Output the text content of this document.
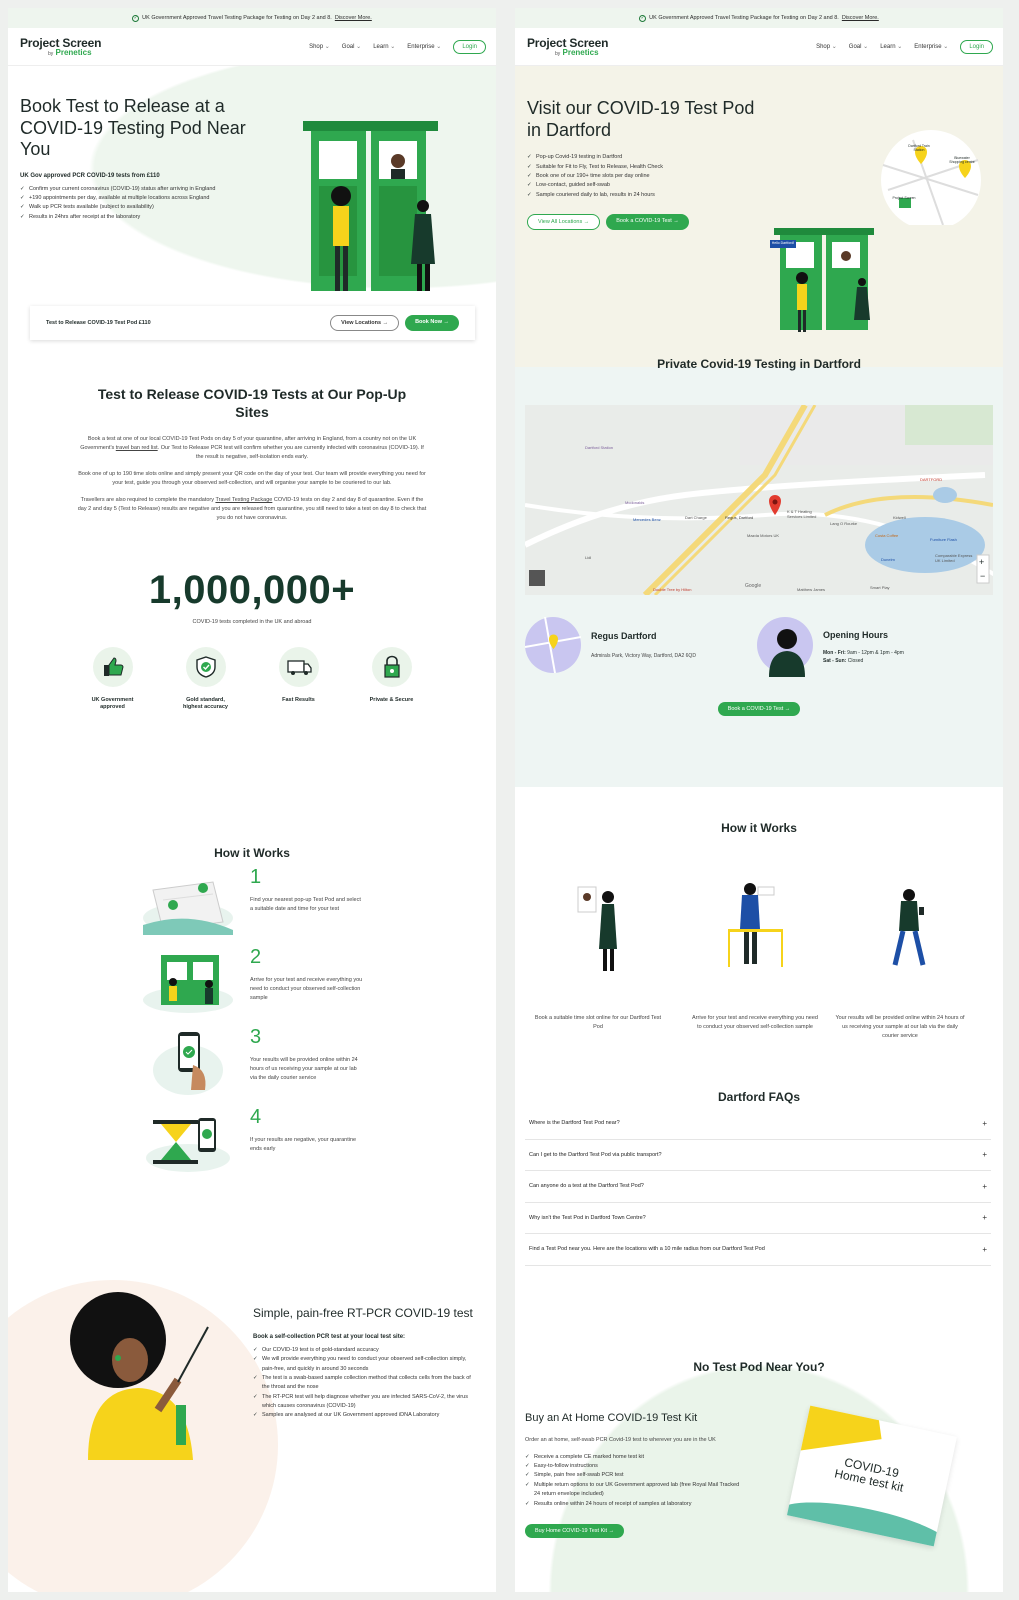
✓ UK Government Approved Travel Testing Package for Testing on Day 2 and 8. Discover More.
Project Screen
by Prenetics
Shop ⌄	Goal ⌄	Learn ⌄	Enterprise ⌄	Login
Book Test to Release at a COVID-19 Testing Pod Near You
UK Gov approved PCR COVID-19 tests from £110
✓ Confirm your current coronavirus (COVID-19) status after arriving in England
✓ +190 appointments per day, available at multiple locations across England
✓ Walk up PCR tests available (subject to availability)
✓ Results in 24hrs after receipt at the laboratory
Test to Release COVID-19 Test Pod £110	View Locations →	Book Now →
Test to Release COVID-19 Tests at Our Pop-Up Sites

Book a test at one of our local COVID-19 Test Pods on day 5 of your quarantine, after arriving in England, from a country not on the UK Government's travel ban red list. Our Test to Release PCR test will confirm whether you are currently infected with coronavirus (COVID-19). If the result is negative, self-isolation ends early.

Book one of up to 190 time slots online and simply present your QR code on the day of your test. Our team will provide everything you need for your test, guide you through your observed self-collection, and will organise your sample to be couriered to our lab.

Travellers are also required to complete the mandatory Travel Testing Package COVID-19 tests on day 2 and day 8 of quarantine. Even if the day 2 and day 5 (Test to Release) results are negative and you are released from quarantine, you still need to take a test on day 8 to check that you do not have coronavirus.

1,000,000+
COVID-19 tests completed in the UK and abroad
UK Government approved
Gold standard, highest accuracy
Fast Results	Private & Secure
How it Works
1
Find your nearest pop-up Test Pod and select a suitable date and time for your test
2
Arrive for your test and receive everything you need to conduct your observed self-collection sample
3
Your results will be provided online within 24 hours of us receiving your sample at our lab via the daily courier service
4
If your results are negative, your quarantine ends early
Simple, pain-free RT-PCR COVID-19 test
Book a self-collection PCR test at your local test site:
✓ Our COVID-19 test is of gold-standard accuracy
✓ We will provide everything you need to conduct your observed self-collection simply, pain-free, and quickly in around 30 seconds
✓ The test is a swab-based sample collection method that collects cells from the back of the throat and the nose
✓ The RT-PCR test will help diagnose whether you are infected SARS-CoV-2, the virus which causes coronavirus (COVID-19)
✓ Samples are analysed at our UK Government approved iDNA Laboratory
✓ UK Government Approved Travel Testing Package for Testing on Day 2 and 8. Discover More.
Project Screen
by Prenetics
Shop ⌄	Goal ⌄	Learn ⌄	Enterprise ⌄	Login
Visit our COVID-19 Test Pod in Dartford
✓ Pop-up Covid-19 testing in Dartford
✓ Suitable for Fit to Fly, Test to Release, Health Check
✓ Book one of our 190+ time slots per day online
✓ Low-contact, guided self-swab
✓ Sample couriered daily to lab, results in 24 hours
View All Locations →	Book a COVID-19 Test →
Dartford Train Station
Bluewater Shopping centre
Project Screen
Hello Dartford!
Private Covid-19 Testing in Dartford
Dartford Station
Mcdonalds
Mercedes Benz
Lidl
DARTFORD
Costa Coffee
Mazda Motors UK
Dart Charge	Regus, Dartford
Dunelm
Google
K & T Heating Services Limited
Lang O Rourke
Kidwell
Furniture Flash
Comparable Express UK Limited
Double Tree by Hilton	Matthew James	Smart Play
+
−
Regus Dartford
Admirals Park, Victory Way, Dartford, DA2 6QD
Opening Hours
Mon - Fri: 9am - 12pm & 1pm - 4pm
Sat - Sun: Closed
Book a COVID-19 Test →
How it Works

Book a suitable time slot online for our Dartford Test Pod

Arrive for your test and receive everything you need to conduct your observed self-collection sample

Your results will be provided online within 24 hours of us receiving your sample at our lab via the daily courier service

Dartford FAQs
Where is the Dartford Test Pod near?	+
Can I get to the Dartford Test Pod via public transport?	+
Can anyone do a test at the Dartford Test Pod?	+
Why isn't the Test Pod in Dartford Town Centre?	+
Find a Test Pod near you. Here are the locations with a 10 mile radius from our Dartford Test Pod	+
No Test Pod Near You?
Buy an At Home COVID-19 Test Kit

Order an at home, self-swab PCR Covid-19 test to wherever you are in the UK

✓ Receive a complete CE marked home test kit
✓ Easy-to-follow instructions
✓ Simple, pain free self-swab PCR test
✓ Multiple return options to our UK Government approved lab (free Royal Mail Tracked 24 return envelope included)
✓ Results online within 24 hours of receipt of samples at laboratory
Buy Home COVID-19 Test Kit →
COVID-19 Home test kit
